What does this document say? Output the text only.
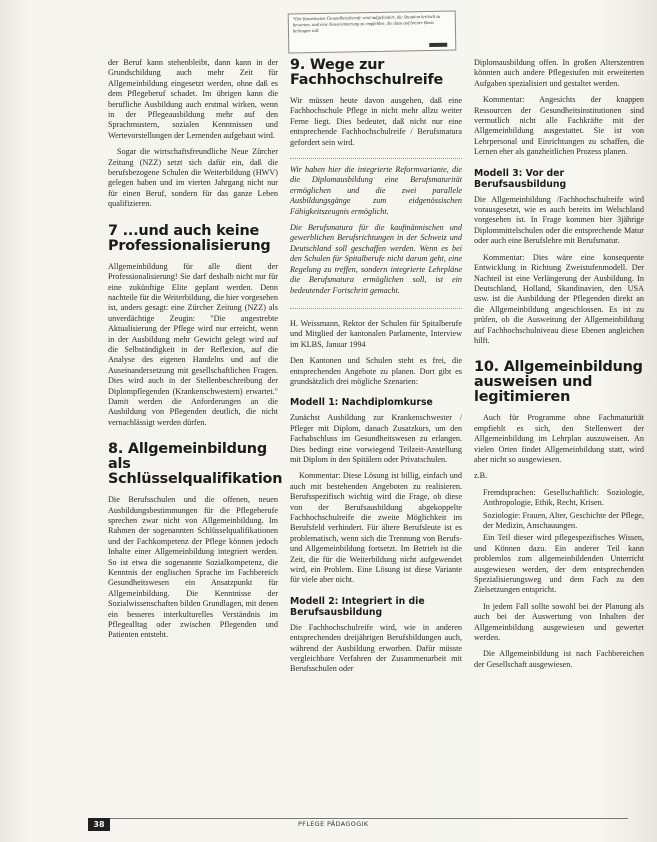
*Die Kommission Gesundheitsberufe wird aufgefordert, die Situation kritisch zu bewerten, und eine Neuorientierung zu empfehlen, die dazu auf breiter Basis beitragen soll.

der Beruf kann stehenbleibt, dann kann in der Grundschildung auch mehr Zeit für Allgemeinbildung eingesetzt werden, ohne daß es dem Pflegeberuf schadet. Im übrigen kann die berufliche Ausbildung auch erstmal wirken, wenn in der Pflegeausbildung mehr auf den Sprachmustern, sozialen Kenntnissen und Wertevorstellungen der Lernenden aufgebaut wird.

Sogar die wirtschaftsfreundliche Neue Zürcher Zeitung (NZZ) setzt sich dafür ein, daß die berufsbezogene Schulen die Weiterbildung (HWV) gelegen haben und im vierten Jahrgang nicht nur für einen Beruf, sondern für das ganze Leben qualifizieren.

7 ...und auch keine Professionalisierung

Allgemeinbildung für alle dient der Professionalisierung! Sie darf deshalb nicht nur für eine zukünftige Elite geplant werden. Denn nachteile für die Weiterbildung, die hier vorgesehen ist, anders gesagt: eine Zürcher Zeitung (NZZ) als unverdächtige Zeugin: "Die angestrebte Aktualisierung der Pflege wird nur erreicht, wenn in der Ausbildung mehr Gewicht gelegt wird auf die Selbständigkeit in der Reflexion, auf die Analyse des eigenen Handelns und auf die Auseinandersetzung mit gesellschaftlichen Fragen. Dies wird auch in der Stellenbeschreibung der Diplompflegenden (Krankenschwestern) erwartet." Damit werden die Anforderungen an die Ausbildung von Pflegenden deutlich, die nicht vernachlässigt werden dürfen.

8. Allgemeinbildung als Schlüsselqualifikation

Die Berufsschulen und die offenen, neuen Ausbildungsbestimmungen für die Pflegeberufe sprechen zwar nicht von Allgemeinbildung. Im Rahmen der sogenannten Schlüsselqualifikationen und der Fachkompetenz der Pflege können jedoch Inhalte einer Allgemeinbildung integriert werden. So ist etwa die sogenannte Sozialkompetenz, die Kenntnis der englischen Sprache im Fachbereich Gesundheitswesen ein Ansatzpunkt für Allgemeinbildung. Die Kenntnisse der Sozialwissenschaften bilden Grundlagen, mit denen ein besseres interkulturelles Verständnis im Pflegealltag oder zwischen Pflegenden und Patienten entsteht.

9. Wege zur Fachhochschulreife

Wir müssen heute davon ausgehen, daß eine Fachhochschule Pflege in nicht mehr allzu weiter Ferne liegt. Dies bedeutet, daß nicht nur eine entsprechende Fachhochschulreife / Berufsmatura gefordert sein wird.

Wir haben hier die integrierte Reformvariante, die die Diplomausbildung eine Berufsmaturität ermöglichen und die zwei parallele Ausbildungsgänge zum eidgenössischen Fähigkeitszeugnis ermöglicht.

Die Berufsmatura für die kaufmännischen und gewerblichen Berufsrichtungen in der Schweiz und Deutschland soll geschaffen werden. Wenn es bei den Schulen für Spitalberufe nicht darum geht, eine Regelung zu treffen, sondern integrierte Lehrpläne die Berufsmatura ermöglichen soll, ist ein bedeutender Fortschritt gemacht.

H. Weissmann, Rektor der Schulen für Spitalberufe und Mitglied der kantonalen Parlamente, Interview im KLBS, Januar 1994

Den Kantonen und Schulen steht es frei, die entsprechenden Angebote zu planen. Dort gibt es grundsätzlich drei mögliche Szenarien:

Modell 1: Nachdiplomkurse

Zunächst Ausbildung zur Krankenschwester / Pfleger mit Diplom, danach Zusatzkurs, um den Fachabschluss im Gesundheitswesen zu erlangen. Dies bedingt eine vorwiegend Teilzeit-Anstellung mit Diplom in den Spitälern oder Privatschulen.

Kommentar: Diese Lösung ist billig, einfach und auch mit bestehenden Angeboten zu realisieren. Berufsspezifisch wichtig wird die Frage, ob diese von der Berufsausbildung abgekoppelte Fachhochschulreife die zweite Möglichkeit im Berufsfeld verhindert. Für ältere Berufsleute ist es problematisch, wenn sich die Trennung von Berufs- und Allgemeinbildung fortsetzt. Im Betrieb ist die Zeit, die für die Weiterbildung nicht aufgewendet wird, ein Problem. Eine Lösung ist diese Variante für viele aber nicht.

Modell 2: Integriert in die Berufsausbildung

Die Fachhochschulreife wird, wie in anderen entsprechenden dreijährigen Berufsbildungen auch, während der Ausbildung erworben. Dafür müsste vergleichbare Verfahren der Zusammenarbeit mit Berufsschulen oder

Diplomausbildung offen. In großen Alterszentren könnten auch andere Pflegestufen mit erweiterten Aufgaben spezialisiert und gestaltet werden.

Kommentar: Angesichts der knappen Ressourcen der Gesundheitsinstitutionen sind vermutlich nicht alle Fachkräfte mit der Allgemeinbildung ausgestattet. Sie ist von Lehrpersonal und Einrichtungen zu schaffen, die Lernen eher als ganzheitlichen Prozess planen.

Modell 3: Vor der Berufsausbildung

Die Allgemeinbildung /Fachhochschulreife wird vorausgesetzt, wie es auch bereits im Welschland vorgesehen ist. In Frage kommen hier 3jährige Diplommittelschulen oder die entsprechende Matur oder auch eine Berufslehre mit Berufsmatur.

Kommentar: Dies wäre eine konsequente Entwicklung in Richtung Zweistufenmodell. Der Nachteil ist eine Verlängerung der Ausbildung. In Deutschland, Holland, Skandinavien, den USA usw. ist die Ausbildung der Pflegenden direkt an die Allgemeinbildung angeschlossen. Es ist zu prüfen, ob die Ausweitung der Allgemeinbildung auf Fachhochschulniveau diese Ebenen angleichen hilft.

10. Allgemeinbildung ausweisen und legitimieren

Auch für Programme ohne Fachmaturität empfiehlt es sich, den Stellenwert der Allgemeinbildung im Lehrplan auszuweisen. An vielen Orten findet Allgemeinbildung statt, wird aber nicht so ausgewiesen.

z.B.

Fremdsprachen: Gesellschaftlich: Soziologie, Anthropologie, Ethik, Recht, Krisen.

Soziologie: Frauen, Alter, Geschichte der Pflege, der Medizin, Anschauungen.

Ein Teil dieser wird pflegespezifisches Wissen, und Können dazu. Ein anderer Teil kann problemlos zum allgemeinbildenden Unterricht ausgewiesen werden, der dem entsprechenden Spezialisierungsweg und dem Fach zu den Zielsetzungen entspricht.

In jedem Fall sollte sowohl bei der Planung als auch bei der Auswertung von Inhalten der Allgemeinbildung ausgewiesen und gewertet werden.

Die Allgemeinbildung ist nach Fachbereichen der Gesellschaft ausgewiesen.

38	PFLEGE PÄDAGOGIK
